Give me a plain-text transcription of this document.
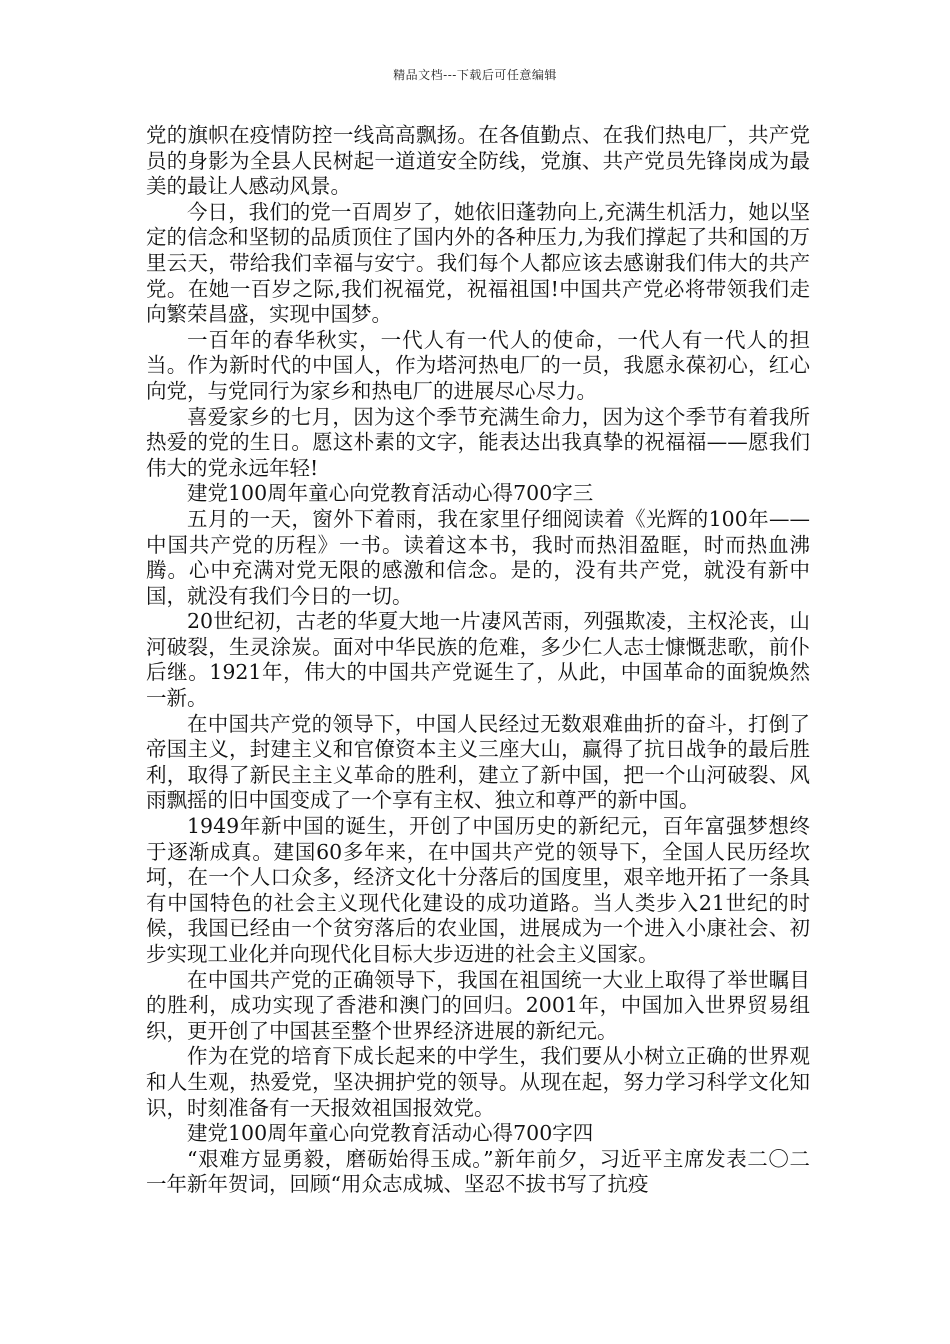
精品文档---下载后可任意编辑

党的旗帜在疫情防控一线高高飘扬。在各值勤点、在我们热电厂，共产党员的身影为全县人民树起一道道安全防线，党旗、共产党员先锋岗成为最美的最让人感动风景。

今日，我们的党一百周岁了，她依旧蓬勃向上,充满生机活力，她以坚定的信念和坚韧的品质顶住了国内外的各种压力,为我们撑起了共和国的万里云天，带给我们幸福与安宁。我们每个人都应该去感谢我们伟大的共产党。在她一百岁之际,我们祝福党，祝福祖国!中国共产党必将带领我们走向繁荣昌盛，实现中国梦。

一百年的春华秋实，一代人有一代人的使命，一代人有一代人的担当。作为新时代的中国人，作为塔河热电厂的一员，我愿永葆初心，红心向党，与党同行为家乡和热电厂的进展尽心尽力。

喜爱家乡的七月，因为这个季节充满生命力，因为这个季节有着我所热爱的党的生日。愿这朴素的文字，能表达出我真挚的祝福福——愿我们伟大的党永远年轻!

建党100周年童心向党教育活动心得700字三

五月的一天，窗外下着雨，我在家里仔细阅读着《光辉的100年——中国共产党的历程》一书。读着这本书，我时而热泪盈眶，时而热血沸腾。心中充满对党无限的感激和信念。是的，没有共产党，就没有新中国，就没有我们今日的一切。

20世纪初，古老的华夏大地一片凄风苦雨，列强欺凌，主权沦丧，山河破裂，生灵涂炭。面对中华民族的危难，多少仁人志士慷慨悲歌，前仆后继。1921年，伟大的中国共产党诞生了，从此，中国革命的面貌焕然一新。

在中国共产党的领导下，中国人民经过无数艰难曲折的奋斗，打倒了帝国主义，封建主义和官僚资本主义三座大山，赢得了抗日战争的最后胜利，取得了新民主主义革命的胜利，建立了新中国，把一个山河破裂、风雨飘摇的旧中国变成了一个享有主权、独立和尊严的新中国。

1949年新中国的诞生，开创了中国历史的新纪元，百年富强梦想终于逐渐成真。建国60多年来，在中国共产党的领导下，全国人民历经坎坷，在一个人口众多，经济文化十分落后的国度里，艰辛地开拓了一条具有中国特色的社会主义现代化建设的成功道路。当人类步入21世纪的时候，我国已经由一个贫穷落后的农业国，进展成为一个进入小康社会、初步实现工业化并向现代化目标大步迈进的社会主义国家。

在中国共产党的正确领导下，我国在祖国统一大业上取得了举世瞩目的胜利，成功实现了香港和澳门的回归。2001年，中国加入世界贸易组织，更开创了中国甚至整个世界经济进展的新纪元。

作为在党的培育下成长起来的中学生，我们要从小树立正确的世界观和人生观，热爱党，坚决拥护党的领导。从现在起，努力学习科学文化知识，时刻准备有一天报效祖国报效党。

建党100周年童心向党教育活动心得700字四

“艰难方显勇毅，磨砺始得玉成。”新年前夕，习近平主席发表二〇二一年新年贺词，回顾“用众志成城、坚忍不拔书写了抗疫
